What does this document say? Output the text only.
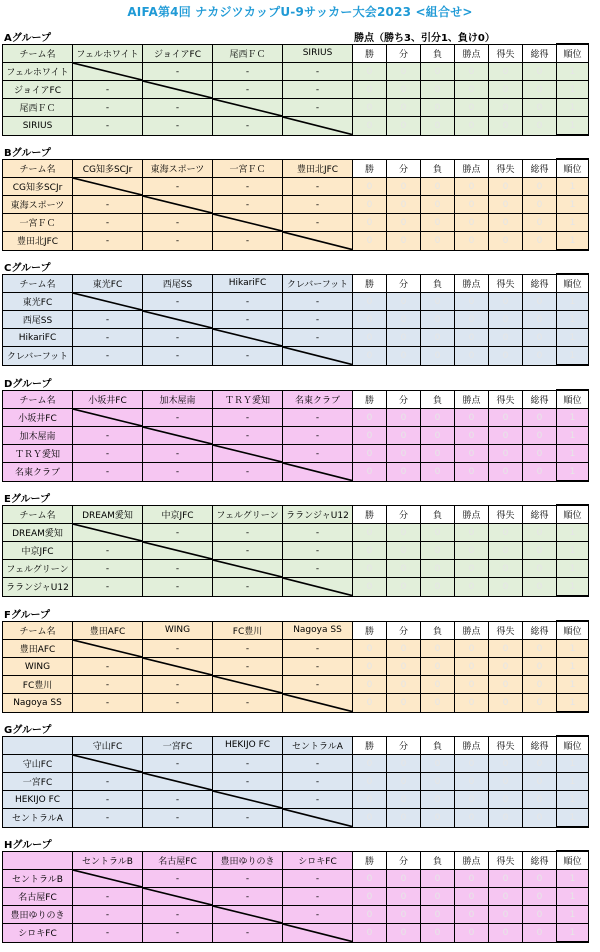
AIFA第4回 ナカジツカップU-9サッカー大会2023 <組合せ>
Aグループ	勝点（勝ち3、引分1、負け0）
チーム名	フェルホワイト	ジョイアFC	尾西ＦＣ	SIRIUS	勝	分	負	勝点	得失	総得	順位
フェルホワイト		-	-	-	0	0	0	0	0	0	1
ジョイアFC	-		-	-	0	0	0	0	0	0	1
尾西ＦＣ	-	-		-	0	0	0	0	0	0	1
SIRIUS	-	-	-		0	0	0	0	0	0	1
Bグループ
チーム名	CG知多SCJr	東海スポーツ	一宮ＦＣ	豊田北JFC	勝	分	負	勝点	得失	総得	順位
CG知多SCJr		-	-	-	0	0	0	0	0	0	1
東海スポーツ	-		-	-	0	0	0	0	0	0	1
一宮ＦＣ	-	-		-	0	0	0	0	0	0	1
豊田北JFC	-	-	-		0	0	0	0	0	0	1
Cグループ
チーム名	東光FC	西尾SS	HikariFC	クレバーフット	勝	分	負	勝点	得失	総得	順位
東光FC		-	-	-	0	0	0	0	0	0	1
西尾SS	-		-	-	0	0	0	0	0	0	1
HikariFC	-	-		-	0	0	0	0	0	0	1
クレバーフット	-	-	-		0	0	0	0	0	0	1
Dグループ
チーム名	小坂井FC	加木屋南	ＴＲＹ愛知	名東クラブ	勝	分	負	勝点	得失	総得	順位
小坂井FC		-	-	-	0	0	0	0	0	0	1
加木屋南	-		-	-	0	0	0	0	0	0	1
ＴＲＹ愛知	-	-		-	0	0	0	0	0	0	1
名東クラブ	-	-	-		0	0	0	0	0	0	1
Eグループ
チーム名	DREAM愛知	中京JFC	フェルグリーン	ラランジャU12	勝	分	負	勝点	得失	総得	順位
DREAM愛知		-	-	-	0	0	0	0	0	0	1
中京JFC	-		-	-	0	0	0	0	0	0	1
フェルグリーン	-	-		-	0	0	0	0	0	0	1
ラランジャU12	-	-	-		0	0	0	0	0	0	1
Fグループ
チーム名	豊田AFC	WING	FC豊川	Nagoya SS	勝	分	負	勝点	得失	総得	順位
豊田AFC		-	-	-	0	0	0	0	0	0	1
WING	-		-	-	0	0	0	0	0	0	1
FC豊川	-	-		-	0	0	0	0	0	0	1
Nagoya SS	-	-	-		0	0	0	0	0	0	1
Gグループ
	守山FC	一宮FC	HEKIJO FC	セントラルA	勝	分	負	勝点	得失	総得	順位
守山FC		-	-	-	0	0	0	0	0	0	1
一宮FC	-		-	-	0	0	0	0	0	0	1
HEKIJO FC	-	-		-	0	0	0	0	0	0	1
セントラルA	-	-	-		0	0	0	0	0	0	1
Hグループ
	セントラルB	名古屋FC	豊田ゆりのき	シロキFC	勝	分	負	勝点	得失	総得	順位
セントラルB		-	-	-	0	0	0	0	0	0	1
名古屋FC	-		-	-	0	0	0	0	0	0	1
豊田ゆりのき	-	-		-	0	0	0	0	0	0	1
シロキFC	-	-	-		0	0	0	0	0	0	1
